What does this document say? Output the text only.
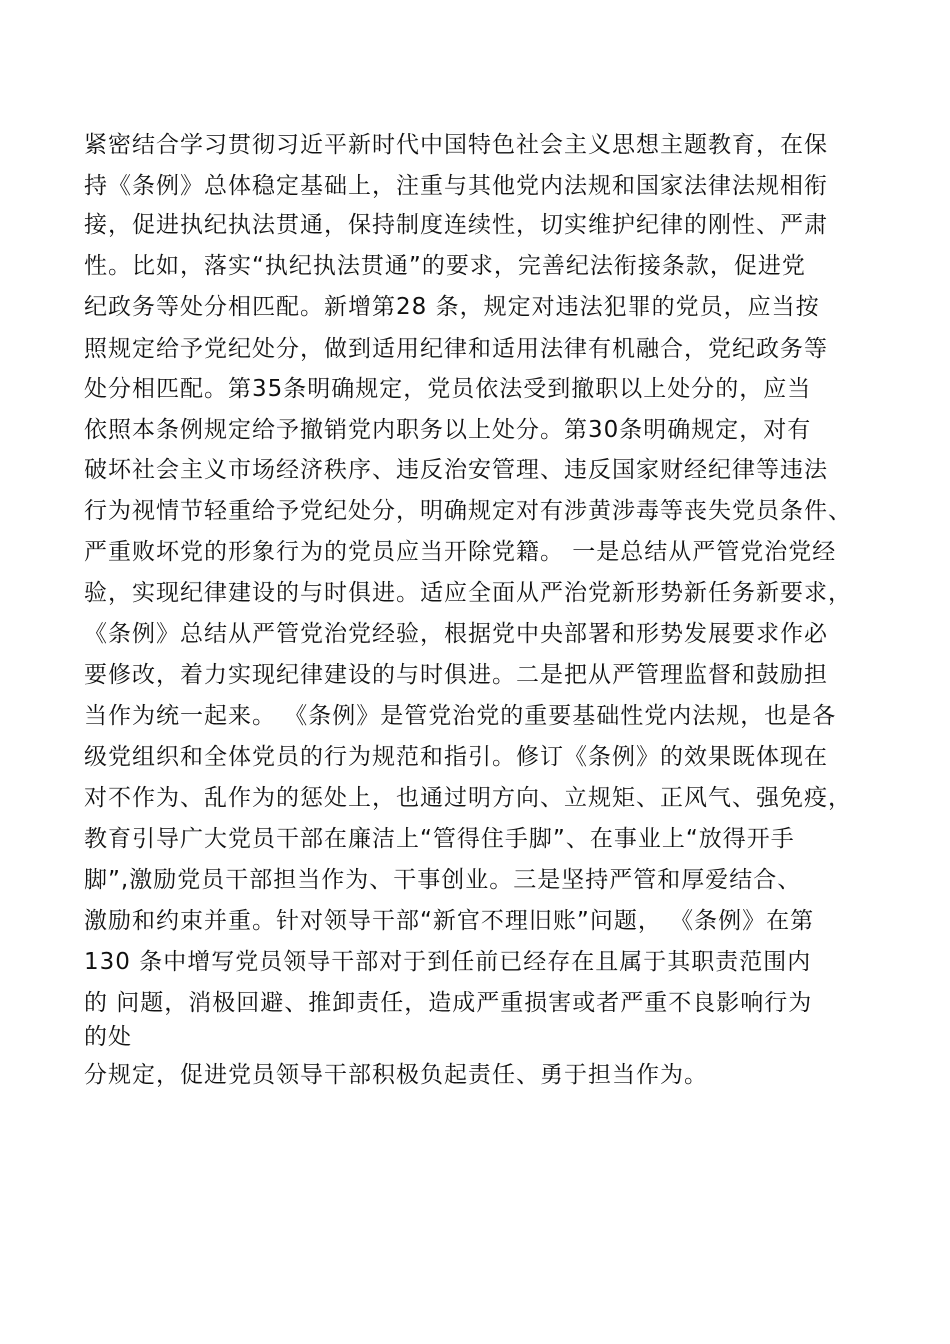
紧密结合学习贯彻习近平新时代中国特色社会主义思想主题教育，在保
持《条例》总体稳定基础上，注重与其他党内法规和国家法律法规相衔
接，促进执纪执法贯通，保持制度连续性，切实维护纪律的刚性、严肃
性。比如，落实“执纪执法贯通”的要求，完善纪法衔接条款，促进党
纪政务等处分相匹配。新增第28 条，规定对违法犯罪的党员，应当按
照规定给予党纪处分，做到适用纪律和适用法律有机融合，党纪政务等
处分相匹配。第35条明确规定，党员依法受到撤职以上处分的，应当
依照本条例规定给予撤销党内职务以上处分。第30条明确规定，对有
破坏社会主义市场经济秩序、违反治安管理、违反国家财经纪律等违法
行为视情节轻重给予党纪处分，明确规定对有涉黄涉毒等丧失党员条件、
严重败坏党的形象行为的党员应当开除党籍。 一是总结从严管党治党经
验，实现纪律建设的与时俱进。适应全面从严治党新形势新任务新要求，
《条例》总结从严管党治党经验，根据党中央部署和形势发展要求作必
要修改，着力实现纪律建设的与时俱进。二是把从严管理监督和鼓励担
当作为统一起来。 《条例》是管党治党的重要基础性党内法规，也是各
级党组织和全体党员的行为规范和指引。修订《条例》的效果既体现在
对不作为、乱作为的惩处上，也通过明方向、立规矩、正风气、强免疫，
教育引导广大党员干部在廉洁上“管得住手脚”、在事业上“放得开手
脚”,激励党员干部担当作为、干事创业。三是坚持严管和厚爱结合、
激励和约束并重。针对领导干部“新官不理旧账”问题， 《条例》在第
130 条中增写党员领导干部对于到任前已经存在且属于其职责范围内
的 问题，消极回避、推卸责任，造成严重损害或者严重不良影响行为
的处
分规定，促进党员领导干部积极负起责任、勇于担当作为。
